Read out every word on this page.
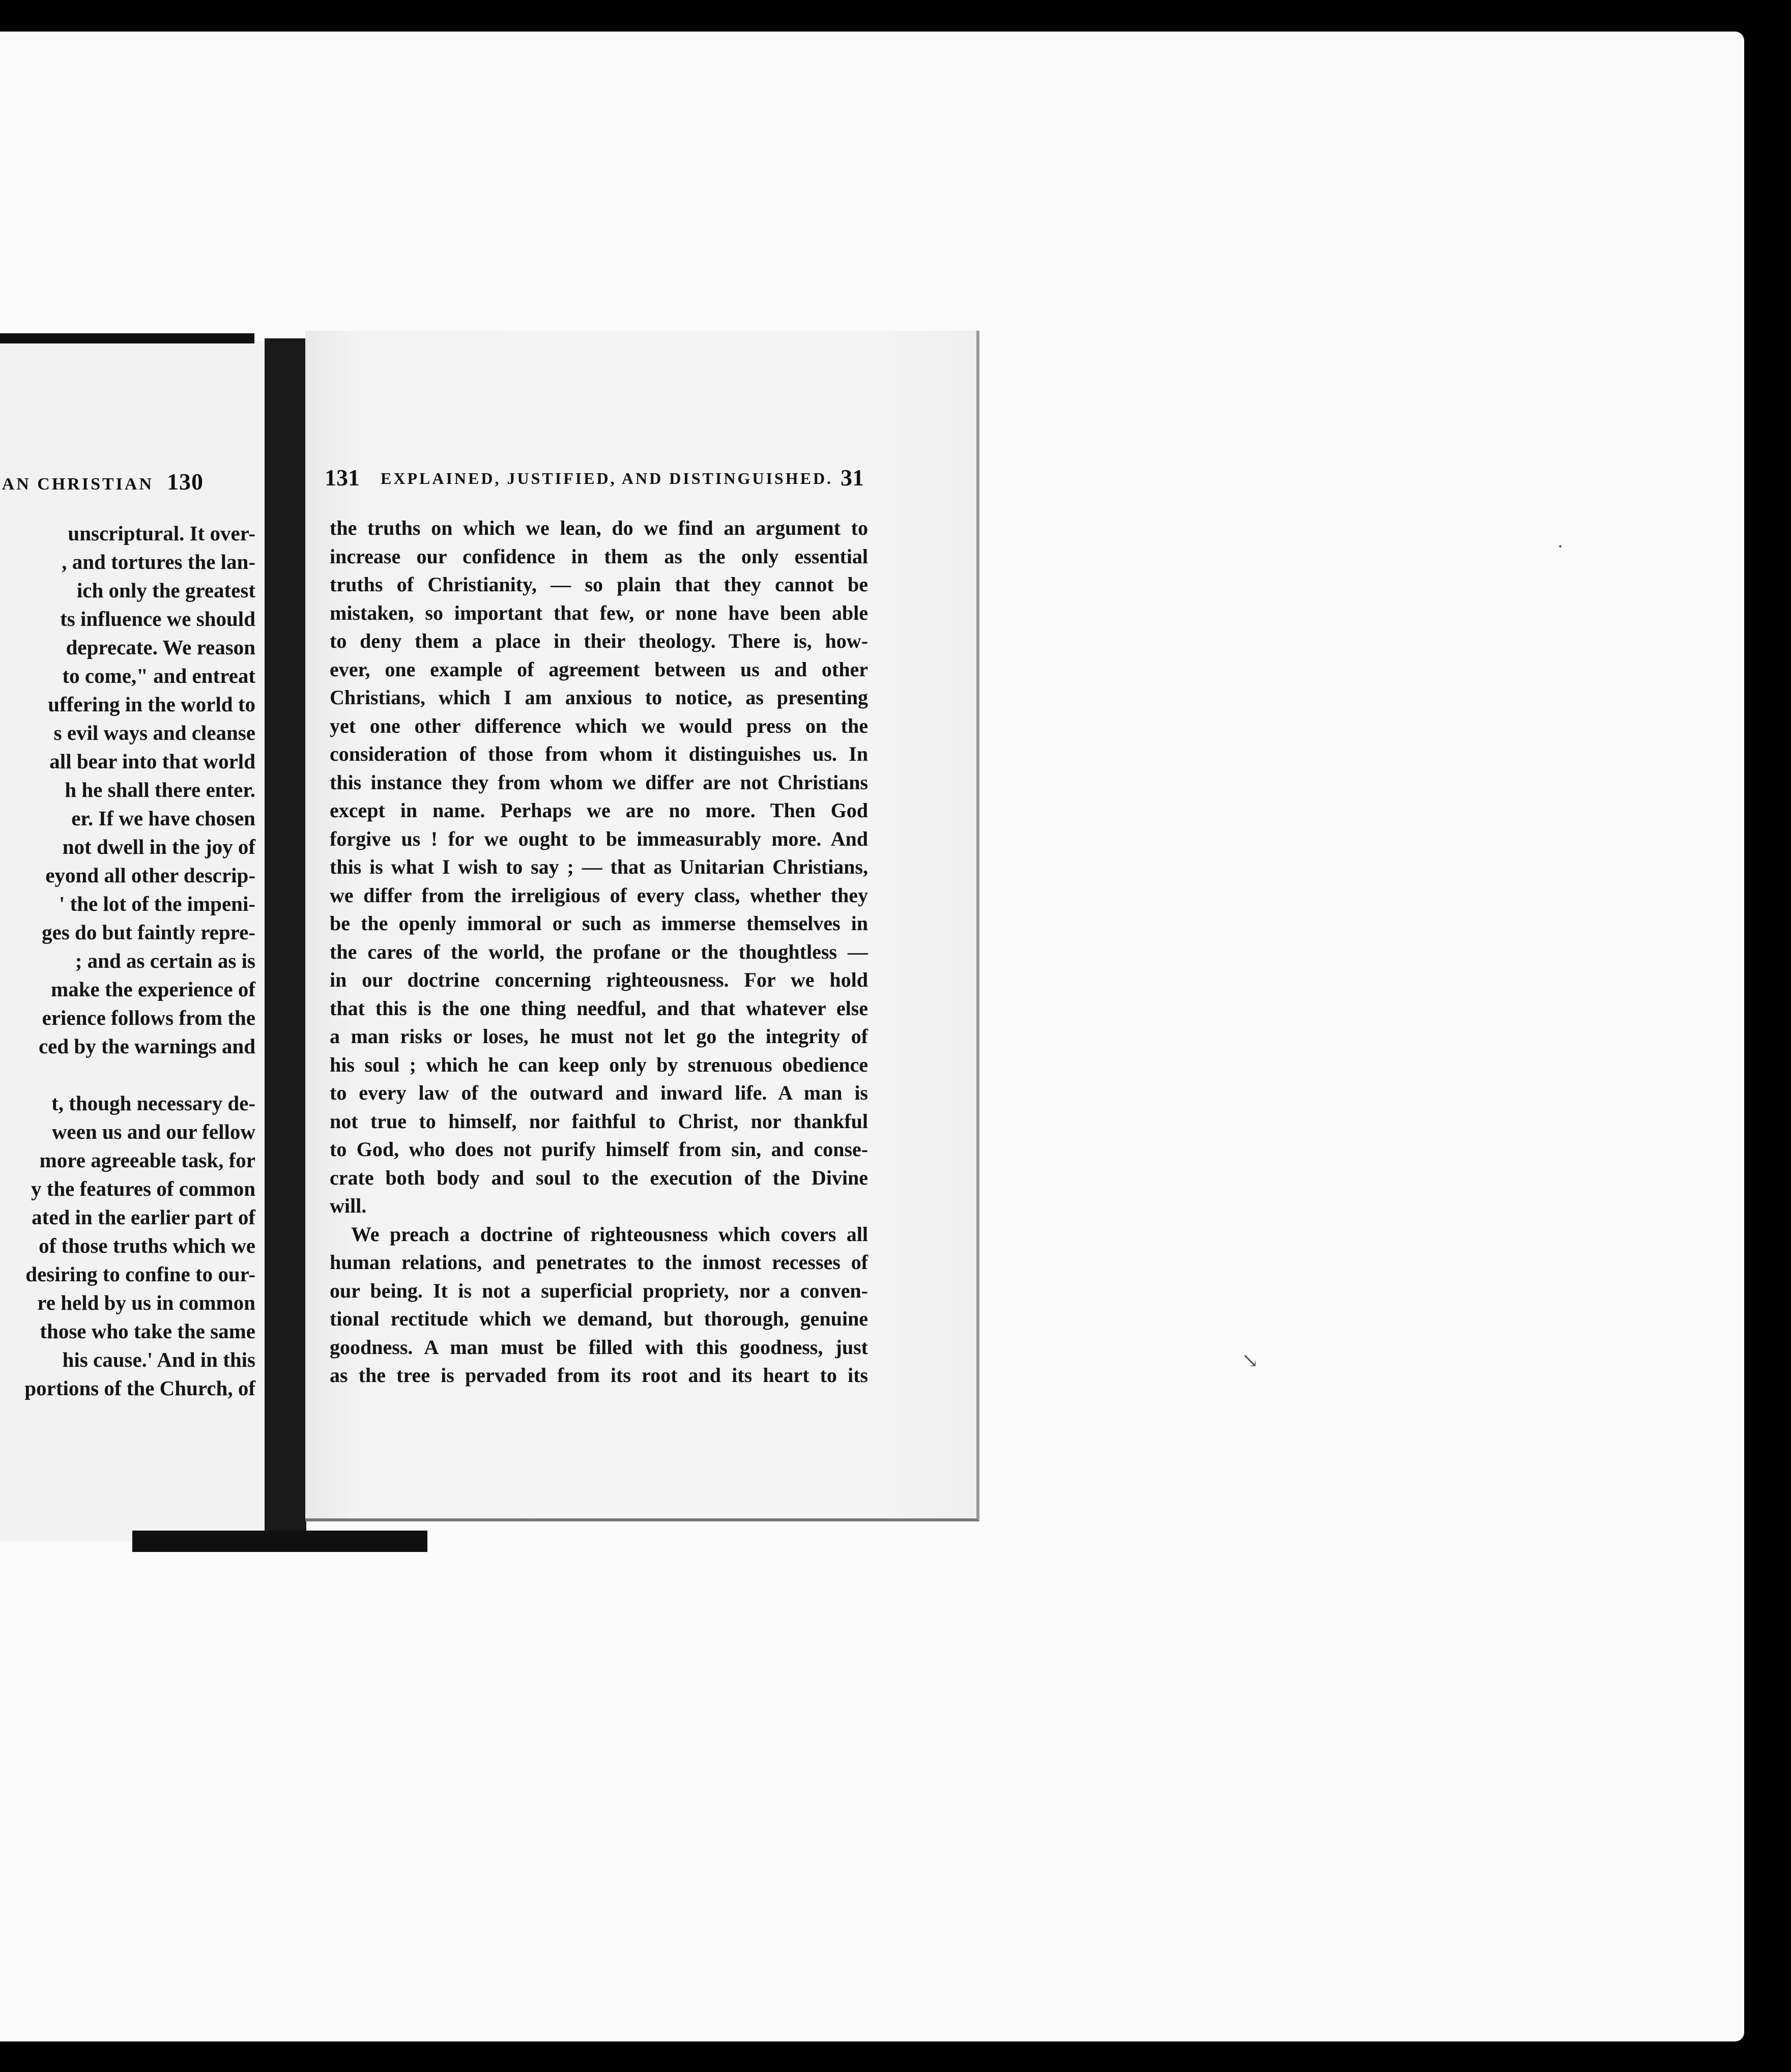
·
↘
AN CHRISTIAN 130
unscriptural. It over-
, and tortures the lan-
ich only the greatest
ts influence we should
deprecate. We reason
to come," and entreat
uffering in the world to
s evil ways and cleanse
all bear into that world
h he shall there enter.
er. If we have chosen
not dwell in the joy of
eyond all other descrip-
' the lot of the impeni-
ges do but faintly repre-
; and as certain as is
make the experience of
erience follows from the
ced by the warnings and
t, though necessary de-
ween us and our fellow
more agreeable task, for
y the features of common
ated in the earlier part of
of those truths which we
desiring to confine to our-
re held by us in common
those who take the same
his cause.' And in this
portions of the Church, of
131 EXPLAINED, JUSTIFIED, AND DISTINGUISHED. 31
the truths on which we lean, do we find an argument to
increase our confidence in them as the only essential
truths of Christianity, — so plain that they cannot be
mistaken, so important that few, or none have been able
to deny them a place in their theology. There is, how-
ever, one example of agreement between us and other
Christians, which I am anxious to notice, as presenting
yet one other difference which we would press on the
consideration of those from whom it distinguishes us. In
this instance they from whom we differ are not Christians
except in name. Perhaps we are no more. Then God
forgive us ! for we ought to be immeasurably more. And
this is what I wish to say ; — that as Unitarian Christians,
we differ from the irreligious of every class, whether they
be the openly immoral or such as immerse themselves in
the cares of the world, the profane or the thoughtless —
in our doctrine concerning righteousness. For we hold
that this is the one thing needful, and that whatever else
a man risks or loses, he must not let go the integrity of
his soul ; which he can keep only by strenuous obedience
to every law of the outward and inward life. A man is
not true to himself, nor faithful to Christ, nor thankful
to God, who does not purify himself from sin, and conse-
crate both body and soul to the execution of the Divine
will.
We preach a doctrine of righteousness which covers all
human relations, and penetrates to the inmost recesses of
our being. It is not a superficial propriety, nor a conven-
tional rectitude which we demand, but thorough, genuine
goodness. A man must be filled with this goodness, just
as the tree is pervaded from its root and its heart to its
